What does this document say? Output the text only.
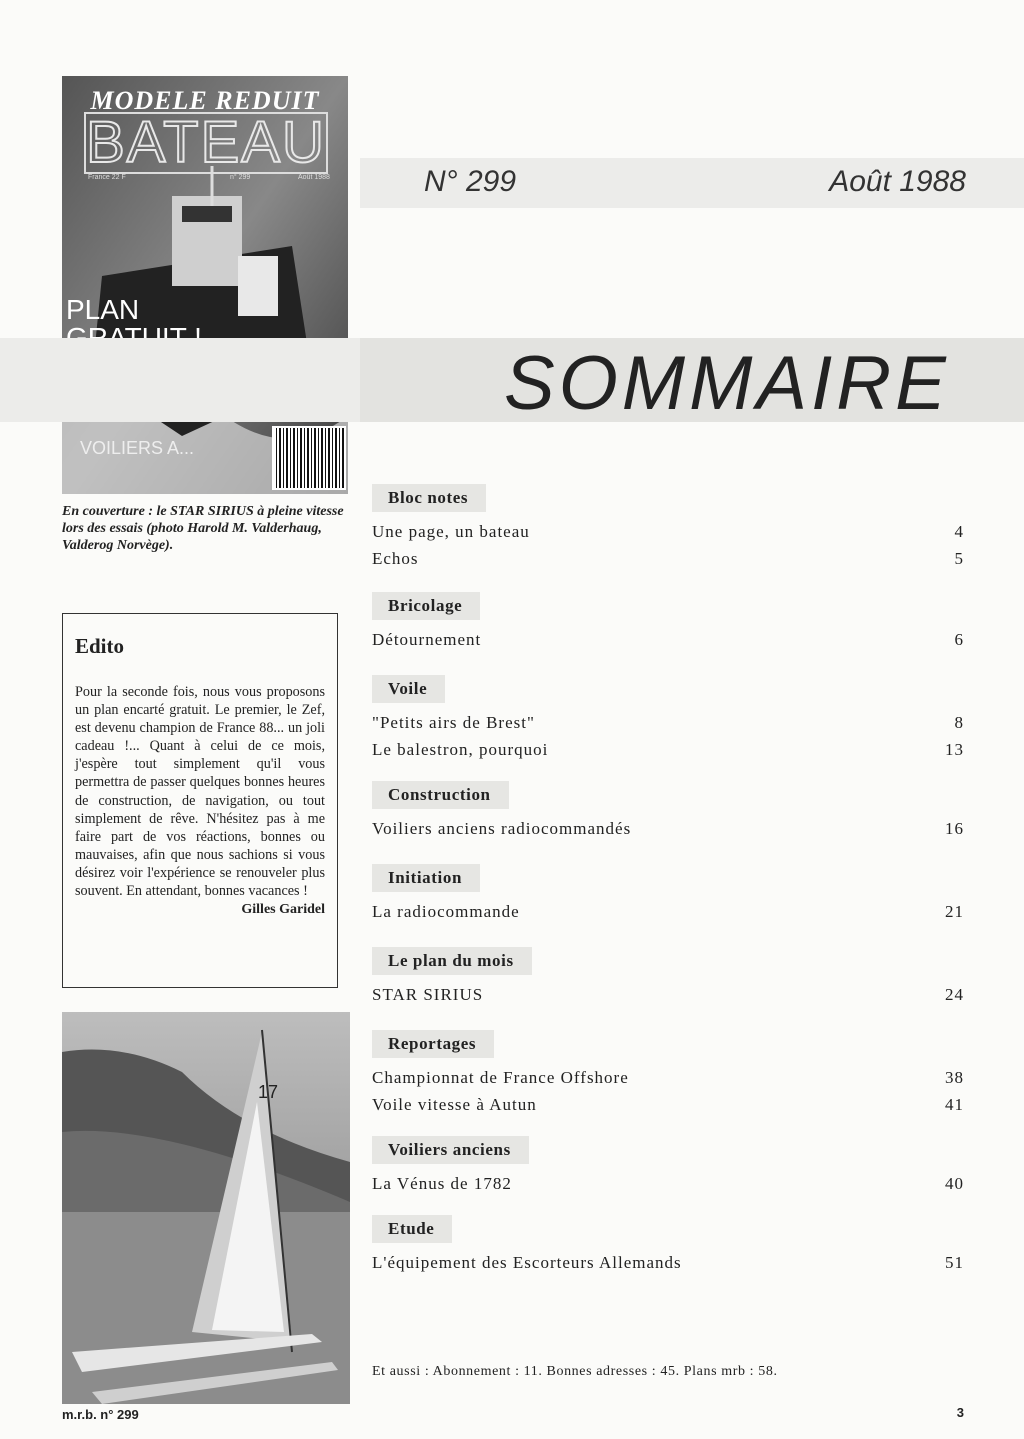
MODELE REDUIT
BATEAU
France 22 F	n° 299	Août 1988
PLAN
VOILIERS A...
En couverture : le STAR SIRIUS à pleine vitesse lors des essais (photo Harold M. Valderhaug, Valderog Norvège).
N° 299	Août 1988
SOMMAIRE
Edito
Pour la seconde fois, nous vous proposons un plan encarté gratuit. Le premier, le Zef, est devenu champion de France 88... un joli cadeau !... Quant à celui de ce mois, j'espère tout simplement qu'il vous permettra de passer quelques bonnes heures de construction, de navigation, ou tout simplement de rêve. N'hésitez pas à me faire part de vos réactions, bonnes ou mauvaises, afin que nous sachions si vous désirez voir l'expérience se renouveler plus souvent. En attendant, bonnes vacances !
Gilles Garidel
17
Bloc notes
Une page, un bateau	4
Echos	5
Bricolage
Détournement	6
Voile
"Petits airs de Brest"	8
Le balestron, pourquoi	13
Construction
Voiliers anciens radiocommandés	16
Initiation
La radiocommande	21
Le plan du mois
STAR SIRIUS	24
Reportages
Championnat de France Offshore	38
Voile vitesse à Autun	41
Voiliers anciens
La Vénus de 1782	40
Etude
L'équipement des Escorteurs Allemands	51
Et aussi : Abonnement : 11. Bonnes adresses : 45. Plans mrb : 58.
m.r.b. n° 299	3
